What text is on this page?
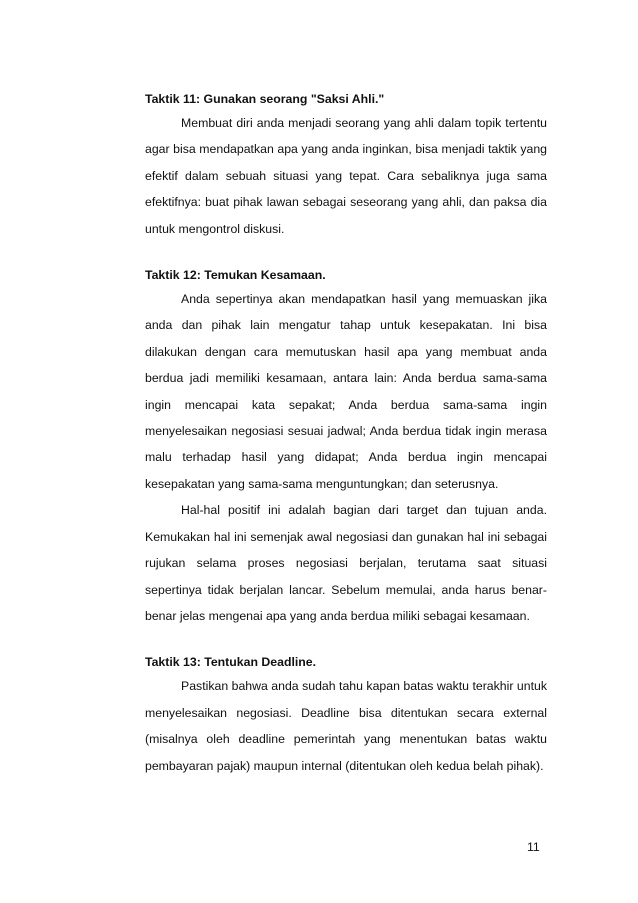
Taktik 11: Gunakan seorang "Saksi Ahli."

Membuat diri anda menjadi seorang yang ahli dalam topik tertentu agar bisa mendapatkan apa yang anda inginkan, bisa menjadi taktik yang efektif dalam sebuah situasi yang tepat. Cara sebaliknya juga sama efektifnya: buat pihak lawan sebagai seseorang yang ahli, dan paksa dia untuk mengontrol diskusi.

Taktik 12: Temukan Kesamaan.

Anda sepertinya akan mendapatkan hasil yang memuaskan jika anda dan pihak lain mengatur tahap untuk kesepakatan. Ini bisa dilakukan dengan cara memutuskan hasil apa yang membuat anda berdua jadi memiliki kesamaan, antara lain: Anda berdua sama-sama ingin mencapai kata sepakat; Anda berdua sama-sama ingin menyelesaikan negosiasi sesuai jadwal; Anda berdua tidak ingin merasa malu terhadap hasil yang didapat; Anda berdua ingin mencapai kesepakatan yang sama-sama menguntungkan; dan seterusnya.

Hal-hal positif ini adalah bagian dari target dan tujuan anda. Kemukakan hal ini semenjak awal negosiasi dan gunakan hal ini sebagai rujukan selama proses negosiasi berjalan, terutama saat situasi sepertinya tidak berjalan lancar. Sebelum memulai, anda harus benar-benar jelas mengenai apa yang anda berdua miliki sebagai kesamaan.

Taktik 13: Tentukan Deadline.

Pastikan bahwa anda sudah tahu kapan batas waktu terakhir untuk menyelesaikan negosiasi. Deadline bisa ditentukan secara external (misalnya oleh deadline pemerintah yang menentukan batas waktu pembayaran pajak) maupun internal (ditentukan oleh kedua belah pihak).

11
